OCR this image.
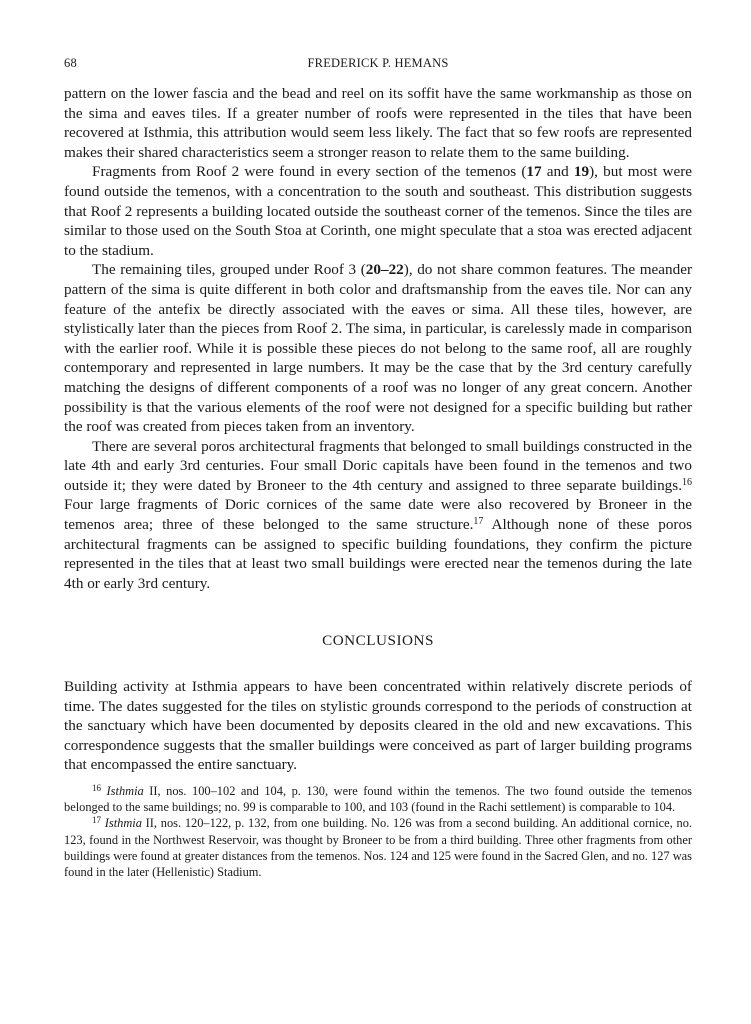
68	FREDERICK P. HEMANS

pattern on the lower fascia and the bead and reel on its soffit have the same workmanship as those on the sima and eaves tiles. If a greater number of roofs were represented in the tiles that have been recovered at Isthmia, this attribution would seem less likely. The fact that so few roofs are represented makes their shared characteristics seem a stronger reason to relate them to the same building.

Fragments from Roof 2 were found in every section of the temenos (17 and 19), but most were found outside the temenos, with a concentration to the south and southeast. This distribution suggests that Roof 2 represents a building located outside the southeast corner of the temenos. Since the tiles are similar to those used on the South Stoa at Corinth, one might speculate that a stoa was erected adjacent to the stadium.

The remaining tiles, grouped under Roof 3 (20–22), do not share common features. The meander pattern of the sima is quite different in both color and draftsmanship from the eaves tile. Nor can any feature of the antefix be directly associated with the eaves or sima. All these tiles, however, are stylistically later than the pieces from Roof 2. The sima, in particular, is carelessly made in comparison with the earlier roof. While it is possible these pieces do not belong to the same roof, all are roughly contemporary and represented in large numbers. It may be the case that by the 3rd century carefully matching the designs of different components of a roof was no longer of any great concern. Another possibility is that the various elements of the roof were not designed for a specific building but rather the roof was created from pieces taken from an inventory.

There are several poros architectural fragments that belonged to small buildings constructed in the late 4th and early 3rd centuries. Four small Doric capitals have been found in the temenos and two outside it; they were dated by Broneer to the 4th century and assigned to three separate buildings.$^{16}$ Four large fragments of Doric cornices of the same date were also recovered by Broneer in the temenos area; three of these belonged to the same structure.$^{17}$ Although none of these poros architectural fragments can be assigned to specific building foundations, they confirm the picture represented in the tiles that at least two small buildings were erected near the temenos during the late 4th or early 3rd century.

CONCLUSIONS

Building activity at Isthmia appears to have been concentrated within relatively discrete periods of time. The dates suggested for the tiles on stylistic grounds correspond to the periods of construction at the sanctuary which have been documented by deposits cleared in the old and new excavations. This correspondence suggests that the smaller buildings were conceived as part of larger building programs that encompassed the entire sanctuary.

$^{16}$ Isthmia II, nos. 100–102 and 104, p. 130, were found within the temenos. The two found outside the temenos belonged to the same buildings; no. 99 is comparable to 100, and 103 (found in the Rachi settlement) is comparable to 104.

$^{17}$ Isthmia II, nos. 120–122, p. 132, from one building. No. 126 was from a second building. An additional cornice, no. 123, found in the Northwest Reservoir, was thought by Broneer to be from a third building. Three other fragments from other buildings were found at greater distances from the temenos. Nos. 124 and 125 were found in the Sacred Glen, and no. 127 was found in the later (Hellenistic) Stadium.
